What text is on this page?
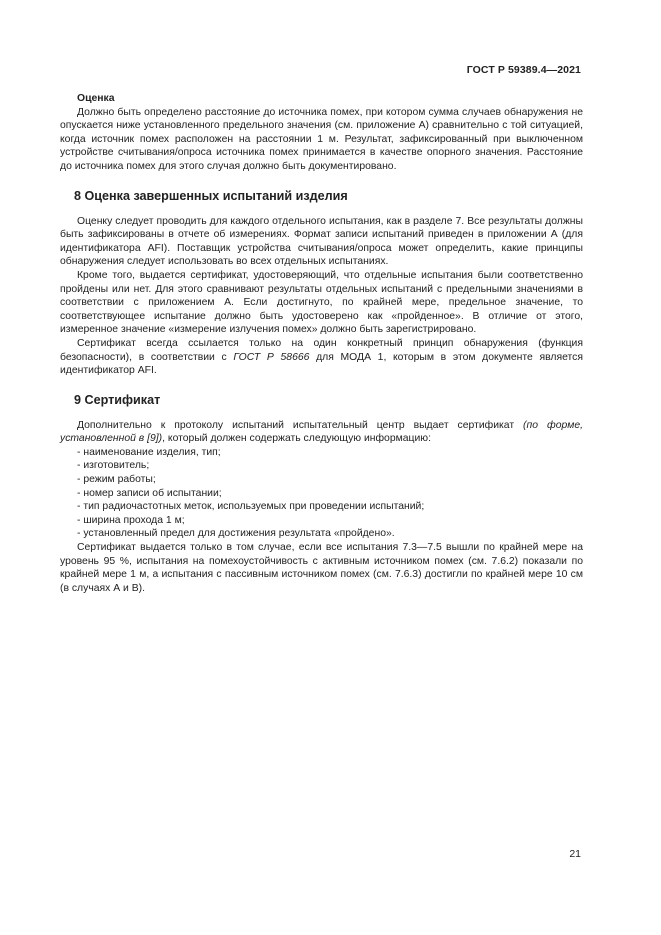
ГОСТ Р 59389.4—2021

Оценка

Должно быть определено расстояние до источника помех, при котором сумма случаев обнаружения не опускается ниже установленного предельного значения (см. приложение А) сравнительно с той ситуацией, когда источник помех расположен на расстоянии 1 м. Результат, зафиксированный при выключенном устройстве считывания/опроса источника помех принимается в качестве опорного значения. Расстояние до источника помех для этого случая должно быть документировано.

8 Оценка завершенных испытаний изделия

Оценку следует проводить для каждого отдельного испытания, как в разделе 7. Все результаты должны быть зафиксированы в отчете об измерениях. Формат записи испытаний приведен в приложении А (для идентификатора AFI). Поставщик устройства считывания/опроса может определить, какие принципы обнаружения следует использовать во всех отдельных испытаниях.

Кроме того, выдается сертификат, удостоверяющий, что отдельные испытания были соответственно пройдены или нет. Для этого сравнивают результаты отдельных испытаний с предельными значениями в соответствии с приложением А. Если достигнуто, по крайней мере, предельное значение, то соответствующее испытание должно быть удостоверено как «пройденное». В отличие от этого, измеренное значение «измерение излучения помех» должно быть зарегистрировано.

Сертификат всегда ссылается только на один конкретный принцип обнаружения (функция безопасности), в соответствии с ГОСТ Р 58666 для МОДА 1, которым в этом документе является идентификатор AFI.

9 Сертификат

Дополнительно к протоколу испытаний испытательный центр выдает сертификат (по форме, установленной в [9]), который должен содержать следующую информацию:

- наименование изделия, тип;
- изготовитель;
- режим работы;
- номер записи об испытании;
- тип радиочастотных меток, используемых при проведении испытаний;
- ширина прохода 1 м;
- установленный предел для достижения результата «пройдено».

Сертификат выдается только в том случае, если все испытания 7.3—7.5 вышли по крайней мере на уровень 95 %, испытания на помехоустойчивость с активным источником помех (см. 7.6.2) показали по крайней мере 1 м, а испытания с пассивным источником помех (см. 7.6.3) достигли по крайней мере 10 см (в случаях А и В).

21
